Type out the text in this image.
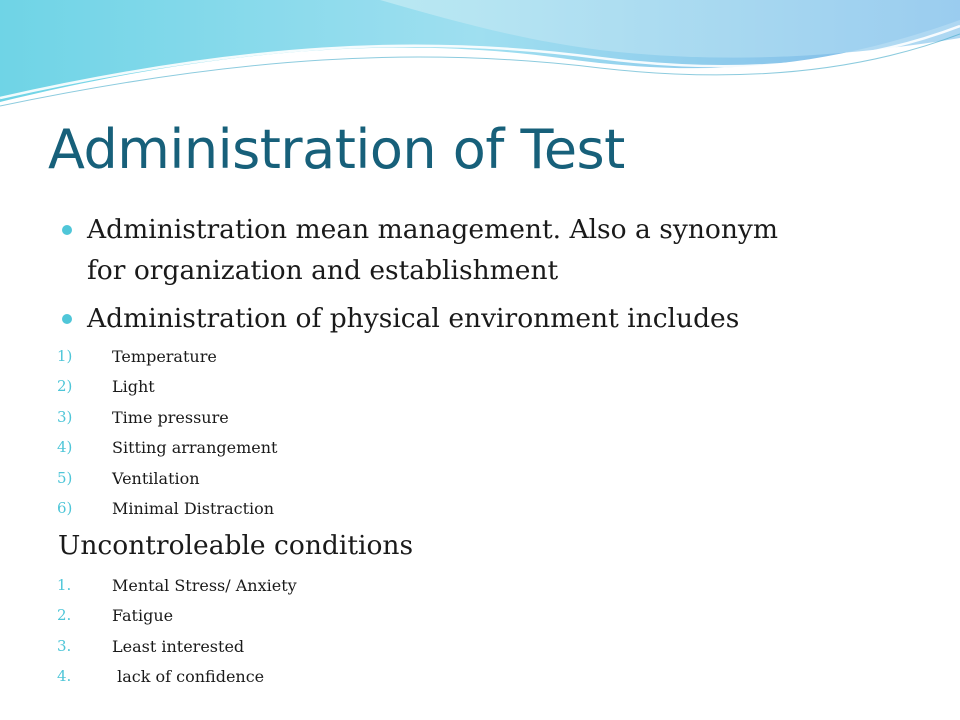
Administration of Test
Administration mean management. Also a synonym
for organization and establishment
Administration of physical environment includes
1) Temperature
2) Light
3) Time pressure
4) Sitting arrangement
5) Ventilation
6) Minimal Distraction
Uncontroleable conditions
1.	Mental Stress/ Anxiety
2.	Fatigue
3.	Least interested
4.	lack of confidence
